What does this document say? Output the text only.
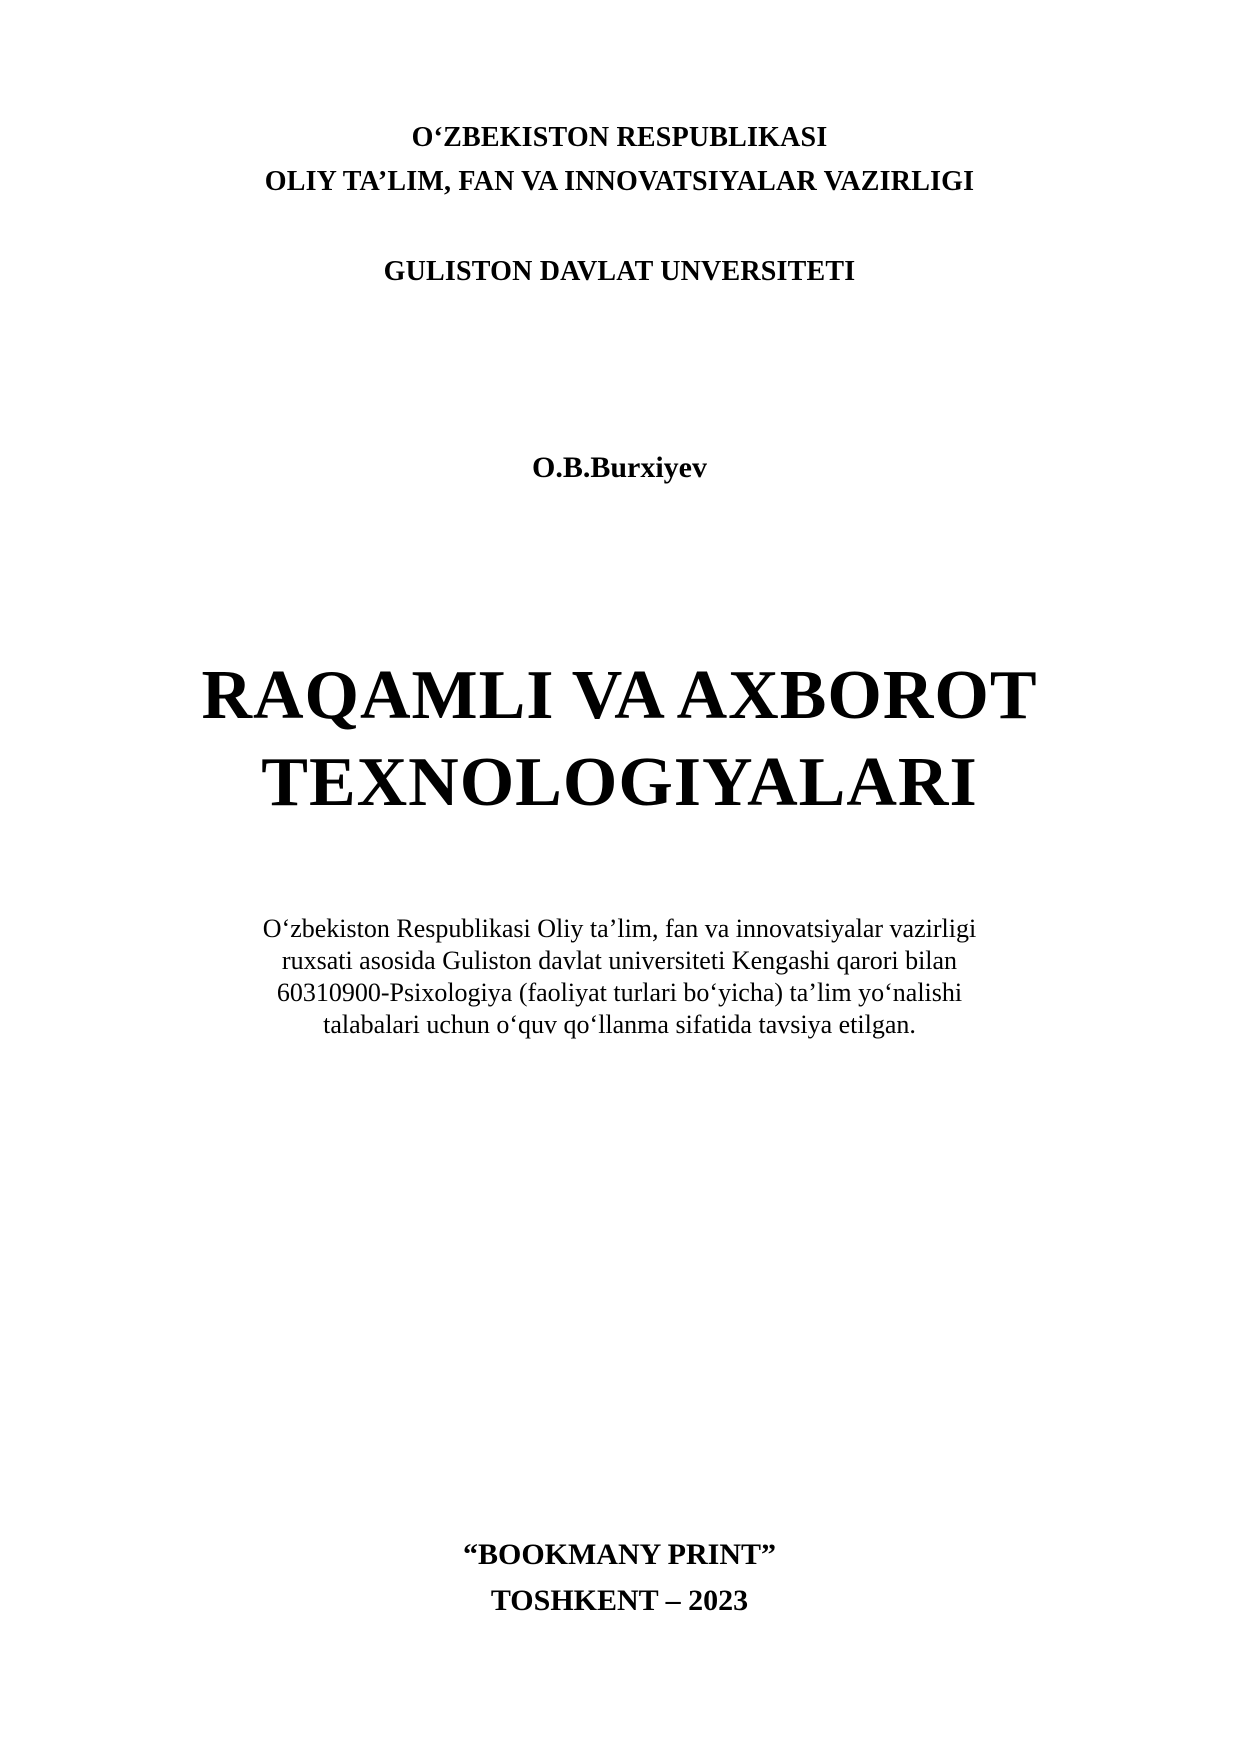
O‘ZBEKISTON RESPUBLIKASI

OLIY TA’LIM, FAN VA INNOVATSIYALAR VAZIRLIGI

GULISTON DAVLAT UNVERSITETI

O.B.Burxiyev

RAQAMLI VA AXBOROT
TEXNOLOGIYALARI

O‘zbekiston Respublikasi Oliy ta’lim, fan va innovatsiyalar vazirligi

ruxsati asosida Guliston davlat universiteti Kengashi qarori bilan

60310900-Psixologiya (faoliyat turlari bo‘yicha) ta’lim yo‘nalishi

talabalari uchun o‘quv qo‘llanma sifatida tavsiya etilgan.

“BOOKMANY PRINT”

TOSHKENT – 2023
